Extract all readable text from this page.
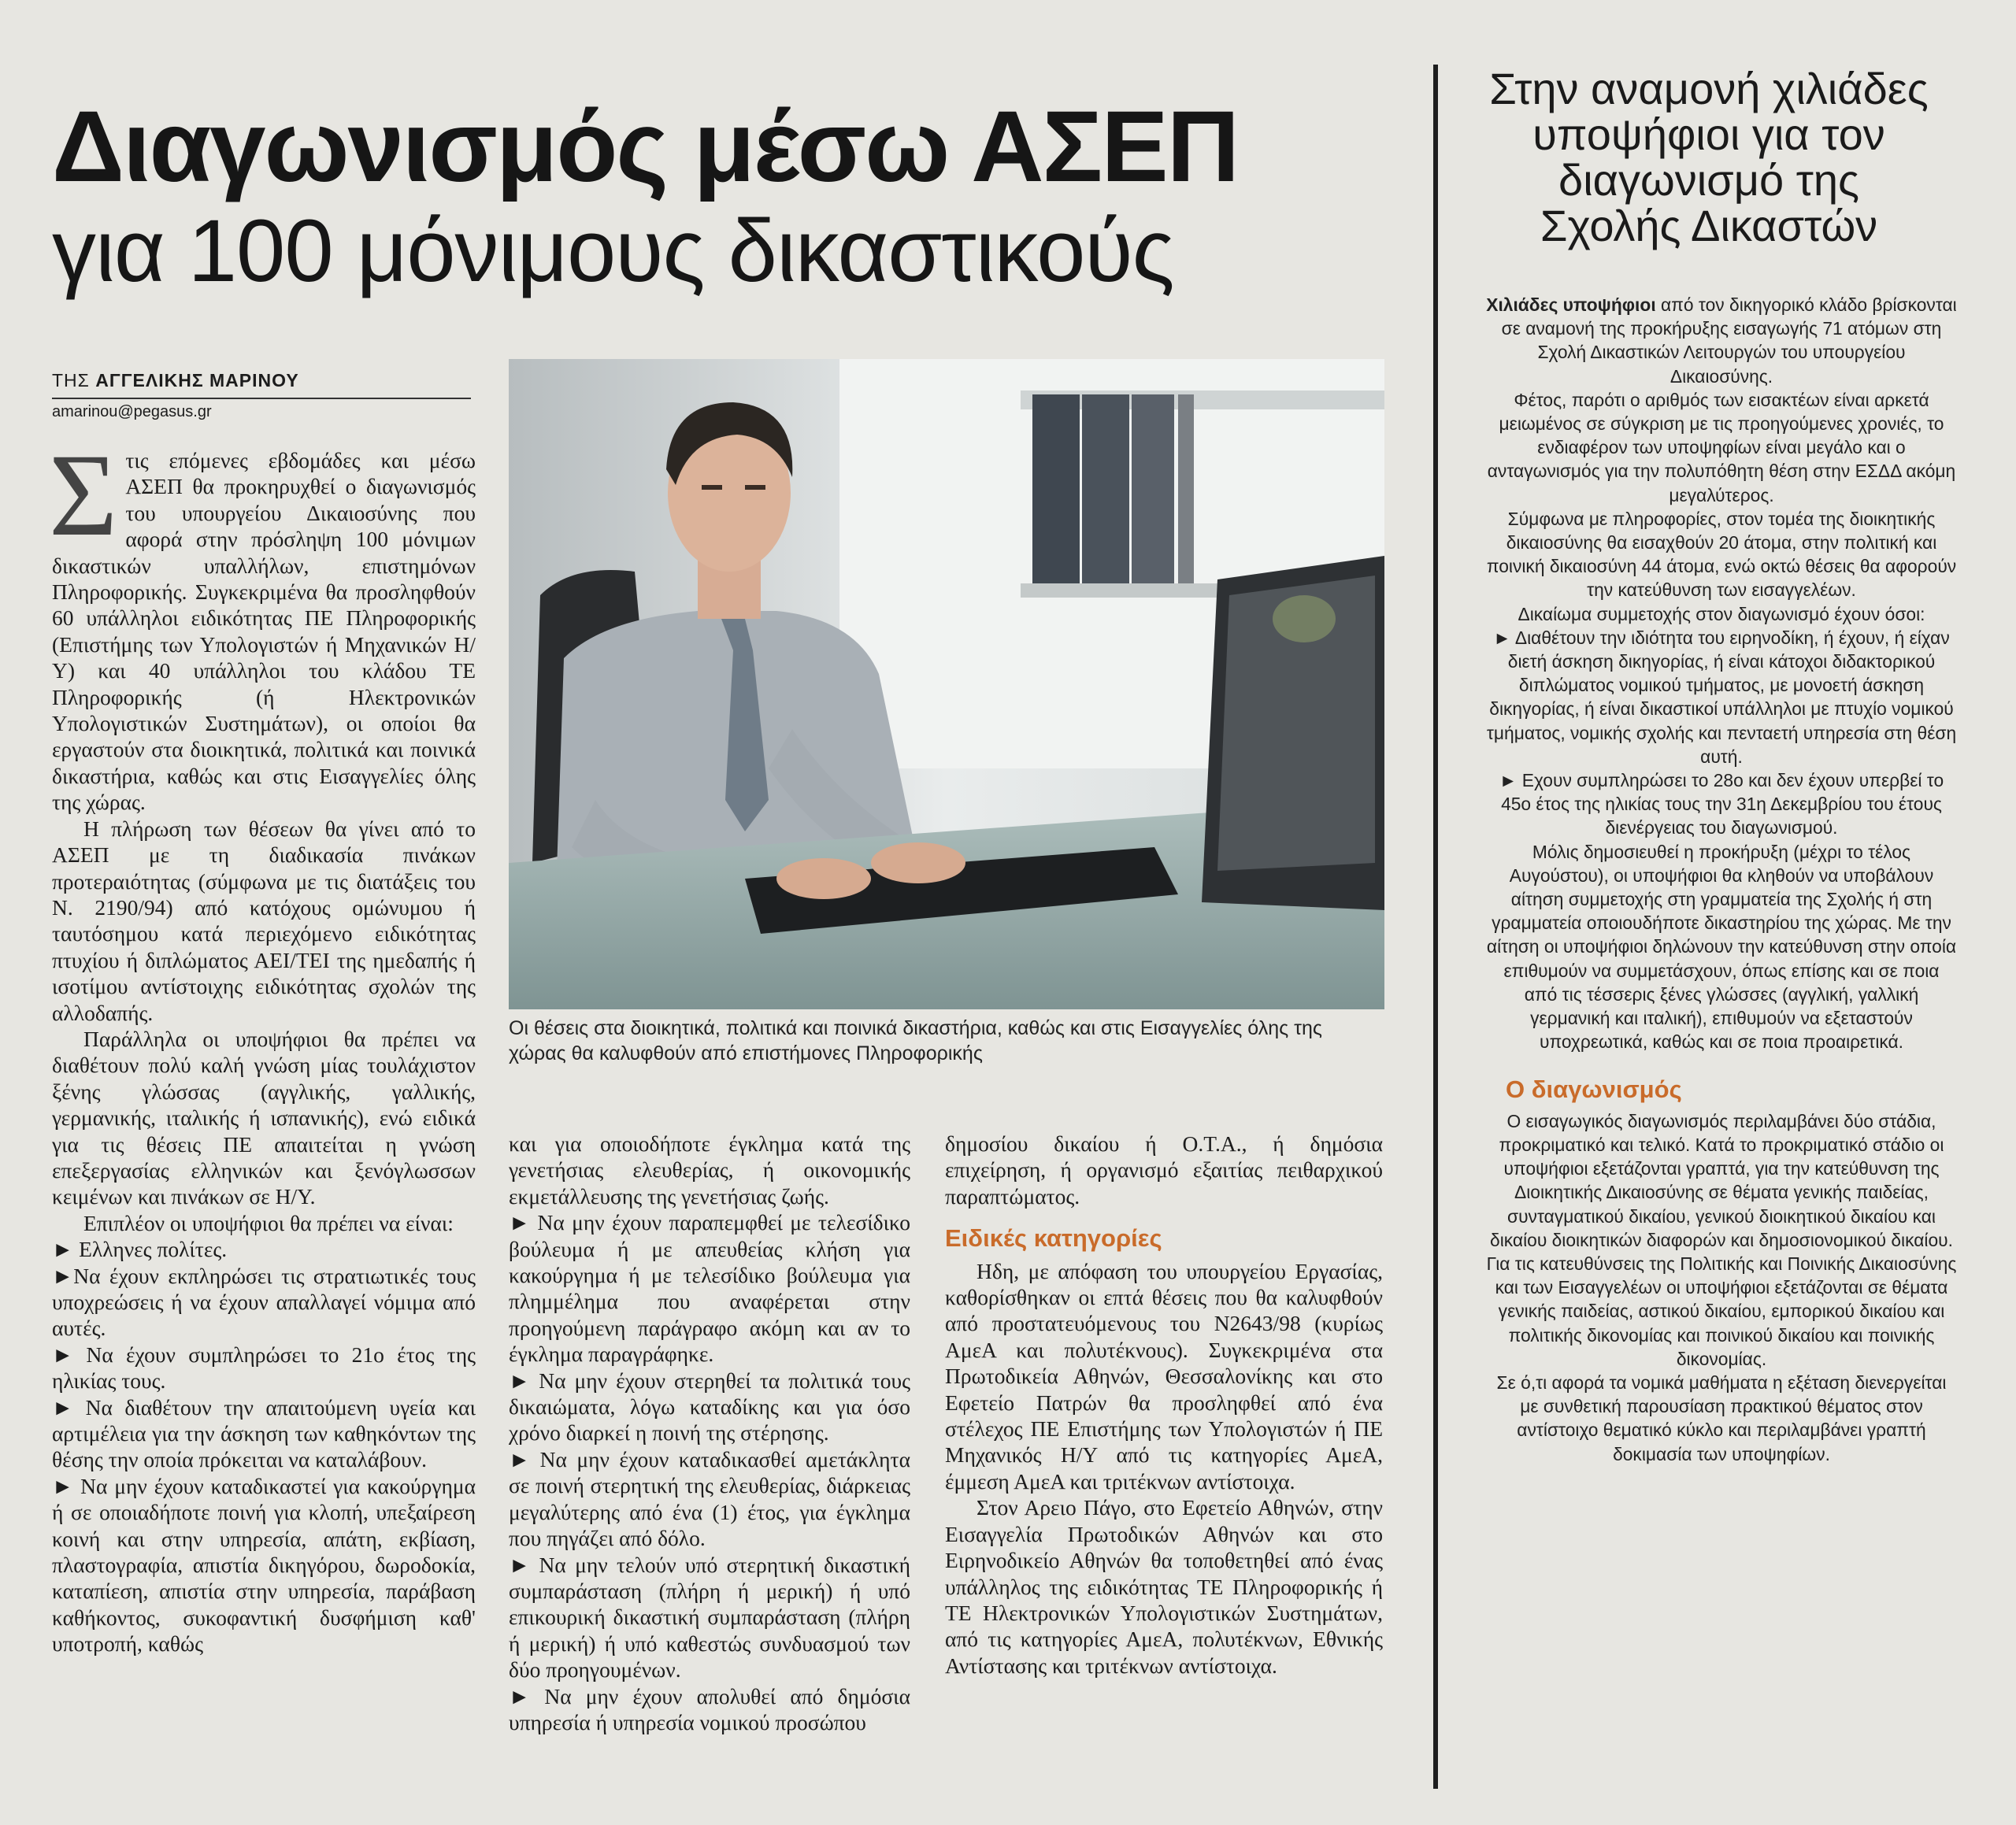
Διαγωνισμός μέσω ΑΣΕΠ
για 100 μόνιμους δικαστικούς
ΤΗΣ ΑΓΓΕΛΙΚΗΣ ΜΑΡΙΝΟΥ
amarinou@pegasus.gr
Σ τις επόμενες εβδομάδες και μέσω ΑΣΕΠ θα προκηρυχθεί ο διαγωνισμός του υπουργείου Δικαιοσύνης που αφορά στην πρόσληψη 100 μόνιμων δικαστικών υπαλλήλων, επιστημόνων Πληροφορικής. Συγκεκριμένα θα προσληφθούν 60 υπάλληλοι ειδικότητας ΠΕ Πληροφορικής (Επιστήμης των Υπολογιστών ή Μηχανικών Η/Υ) και 40 υπάλληλοι του κλάδου ΤΕ Πληροφορικής (ή Ηλεκτρονικών Υπολογιστικών Συστημάτων), οι οποίοι θα εργαστούν στα διοικητικά, πολιτικά και ποινικά δικαστήρια, καθώς και στις Εισαγγελίες όλης της χώρας.

Η πλήρωση των θέσεων θα γίνει από το ΑΣΕΠ με τη διαδικασία πινάκων προτεραιότητας (σύμφωνα με τις διατάξεις του Ν. 2190/94) από κατόχους ομώνυμου ή ταυτόσημου κατά περιεχόμενο ειδικότητας πτυχίου ή διπλώματος ΑΕΙ/ΤΕΙ της ημεδαπής ή ισοτίμου αντίστοιχης ειδικότητας σχολών της αλλοδαπής.

Παράλληλα οι υποψήφιοι θα πρέπει να διαθέτουν πολύ καλή γνώση μίας τουλάχιστον ξένης γλώσσας (αγγλικής, γαλλικής, γερμανικής, ιταλικής ή ισπανικής), ενώ ειδικά για τις θέσεις ΠΕ απαιτείται η γνώση επεξεργασίας ελληνικών και ξενόγλωσσων κειμένων και πινάκων σε Η/Υ.

Επιπλέον οι υποψήφιοι θα πρέπει να είναι:

► Ελληνες πολίτες.

►Να έχουν εκπληρώσει τις στρατιωτικές τους υποχρεώσεις ή να έχουν απαλλαγεί νόμιμα από αυτές.

► Να έχουν συμπληρώσει το 21ο έτος της ηλικίας τους.

► Να διαθέτουν την απαιτούμενη υγεία και αρτιμέλεια για την άσκηση των καθηκόντων της θέσης την οποία πρόκειται να καταλάβουν.

► Να μην έχουν καταδικαστεί για κακούργημα ή σε οποιαδήποτε ποινή για κλοπή, υπεξαίρεση κοινή και στην υπηρεσία, απάτη, εκβίαση, πλαστογραφία, απιστία δικηγόρου, δωροδοκία, καταπίεση, απιστία στην υπηρεσία, παράβαση καθήκοντος, συκοφαντική δυσφήμιση καθ' υποτροπή, καθώς

Οι θέσεις στα διοικητικά, πολιτικά και ποινικά δικαστήρια, καθώς και στις Εισαγγελίες όλης της χώρας θα καλυφθούν από επιστήμονες Πληροφορικής

και για οποιοδήποτε έγκλημα κατά της γενετήσιας ελευθερίας, ή οικονομικής εκμετάλλευσης της γενετήσιας ζωής.

► Να μην έχουν παραπεμφθεί με τελεσίδικο βούλευμα ή με απευθείας κλήση για κακούργημα ή με τελεσίδικο βούλευμα για πλημμέλημα που αναφέρεται στην προηγούμενη παράγραφο ακόμη και αν το έγκλημα παραγράφηκε.

► Να μην έχουν στερηθεί τα πολιτικά τους δικαιώματα, λόγω καταδίκης και για όσο χρόνο διαρκεί η ποινή της στέρησης.

► Να μην έχουν καταδικασθεί αμετάκλητα σε ποινή στερητική της ελευθερίας, διάρκειας μεγαλύτερης από ένα (1) έτος, για έγκλημα που πηγάζει από δόλο.

► Να μην τελούν υπό στερητική δικαστική συμπαράσταση (πλήρη ή μερική) ή υπό επικουρική δικαστική συμπαράσταση (πλήρη ή μερική) ή υπό καθεστώς συνδυασμού των δύο προηγουμένων.

► Να μην έχουν απολυθεί από δημόσια υπηρεσία ή υπηρεσία νομικού προσώπου

δημοσίου δικαίου ή Ο.Τ.Α., ή δημόσια επιχείρηση, ή οργανισμό εξαιτίας πειθαρχικού παραπτώματος.

Ειδικές κατηγορίες

Ηδη, με απόφαση του υπουργείου Εργασίας, καθορίσθηκαν οι επτά θέσεις που θα καλυφθούν από προστατευόμενους του Ν2643/98 (κυρίως ΑμεΑ και πολυτέκνους). Συγκεκριμένα στα Πρωτοδικεία Αθηνών, Θεσσαλονίκης και στο Εφετείο Πατρών θα προσληφθεί από ένα στέλεχος ΠΕ Επιστήμης των Υπολογιστών ή ΠΕ Μηχανικός Η/Υ από τις κατηγορίες ΑμεΑ, έμμεση ΑμεΑ και τριτέκνων αντίστοιχα.

Στον Αρειο Πάγο, στο Εφετείο Αθηνών, στην Εισαγγελία Πρωτοδικών Αθηνών και στο Ειρηνοδικείο Αθηνών θα τοποθετηθεί από ένας υπάλληλος της ειδικότητας ΤΕ Πληροφορικής ή ΤΕ Ηλεκτρονικών Υπολογιστικών Συστημάτων, από τις κατηγορίες ΑμεΑ, πολυτέκνων, Εθνικής Αντίστασης και τριτέκνων αντίστοιχα.

Στην αναμονή χιλιάδες υποψήφιοι για τον διαγωνισμό της Σχολής Δικαστών

Χιλιάδες υποψήφιοι από τον δικηγορικό κλάδο βρίσκονται σε αναμονή της προκήρυξης εισαγωγής 71 ατόμων στη Σχολή Δικαστικών Λειτουργών του υπουργείου Δικαιοσύνης.

Φέτος, παρότι ο αριθμός των εισακτέων είναι αρκετά μειωμένος σε σύγκριση με τις προηγούμενες χρονιές, το ενδιαφέρον των υποψηφίων είναι μεγάλο και ο ανταγωνισμός για την πολυπόθητη θέση στην ΕΣΔΔ ακόμη μεγαλύτερος.

Σύμφωνα με πληροφορίες, στον τομέα της διοικητικής δικαιοσύνης θα εισαχθούν 20 άτομα, στην πολιτική και ποινική δικαιοσύνη 44 άτομα, ενώ οκτώ θέσεις θα αφορούν την κατεύθυνση των εισαγγελέων.

Δικαίωμα συμμετοχής στον διαγωνισμό έχουν όσοι:

► Διαθέτουν την ιδιότητα του ειρηνοδίκη, ή έχουν, ή είχαν διετή άσκηση δικηγορίας, ή είναι κάτοχοι διδακτορικού διπλώματος νομικού τμήματος, με μονοετή άσκηση δικηγορίας, ή είναι δικαστικοί υπάλληλοι με πτυχίο νομικού τμήματος, νομικής σχολής και πενταετή υπηρεσία στη θέση αυτή.

► Εχουν συμπληρώσει το 28ο και δεν έχουν υπερβεί το 45ο έτος της ηλικίας τους την 31η Δεκεμβρίου του έτους διενέργειας του διαγωνισμού.

Μόλις δημοσιευθεί η προκήρυξη (μέχρι το τέλος Αυγούστου), οι υποψήφιοι θα κληθούν να υποβάλουν αίτηση συμμετοχής στη γραμματεία της Σχολής ή στη γραμματεία οποιουδήποτε δικαστηρίου της χώρας. Με την αίτηση οι υποψήφιοι δηλώνουν την κατεύθυνση στην οποία επιθυμούν να συμμετάσχουν, όπως επίσης και σε ποια από τις τέσσερις ξένες γλώσσες (αγγλική, γαλλική γερμανική και ιταλική), επιθυμούν να εξεταστούν υποχρεωτικά, καθώς και σε ποια προαιρετικά.

Ο διαγωνισμός

Ο εισαγωγικός διαγωνισμός περιλαμβάνει δύο στάδια, προκριματικό και τελικό. Κατά το προκριματικό στάδιο οι υποψήφιοι εξετάζονται γραπτά, για την κατεύθυνση της Διοικητικής Δικαιοσύνης σε θέματα γενικής παιδείας, συνταγματικού δικαίου, γενικού διοικητικού δικαίου και δικαίου διοικητικών διαφορών και δημοσιονομικού δικαίου. Για τις κατευθύνσεις της Πολιτικής και Ποινικής Δικαιοσύνης και των Εισαγγελέων οι υποψήφιοι εξετάζονται σε θέματα γενικής παιδείας, αστικού δικαίου, εμπορικού δικαίου και πολιτικής δικονομίας και ποινικού δικαίου και ποινικής δικονομίας.

Σε ό,τι αφορά τα νομικά μαθήματα η εξέταση διενεργείται με συνθετική παρουσίαση πρακτικού θέματος στον αντίστοιχο θεματικό κύκλο και περιλαμβάνει γραπτή δοκιμασία των υποψηφίων.
